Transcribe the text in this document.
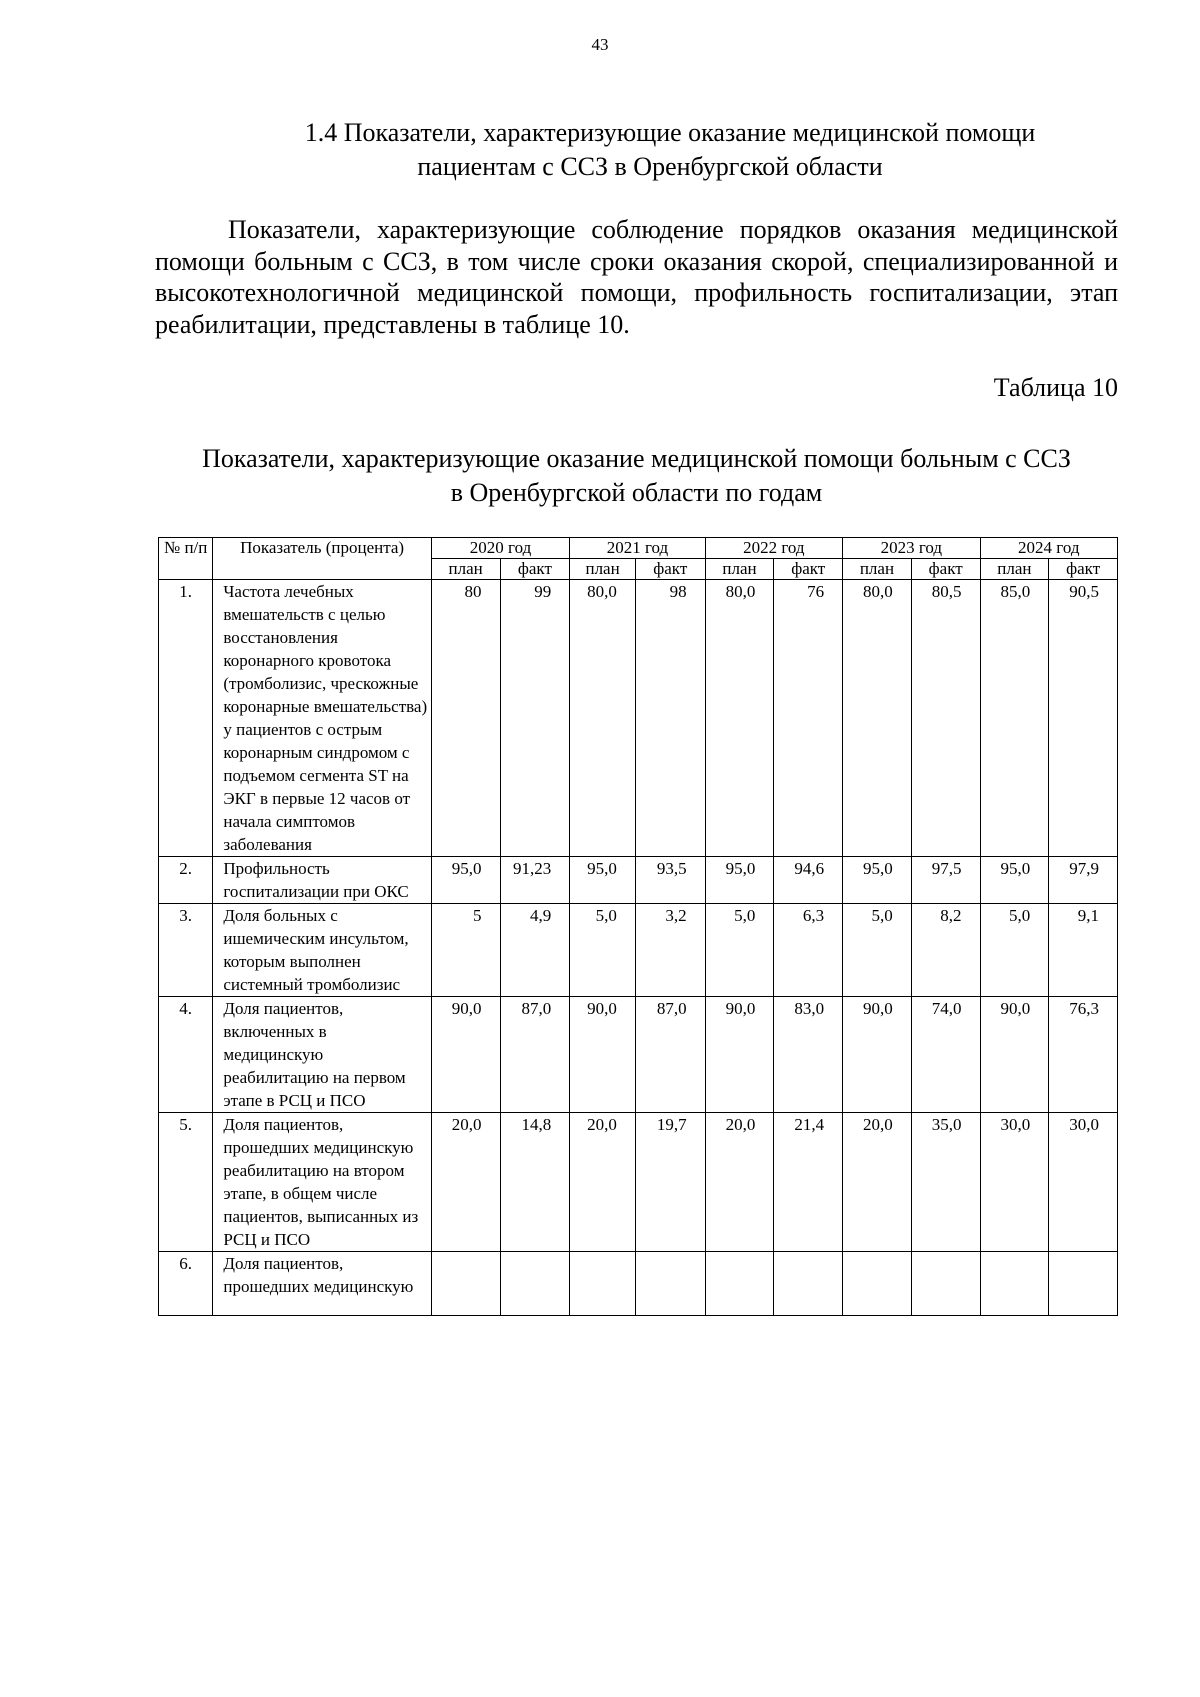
43
1.4 Показатели, характеризующие оказание медицинской помощи
пациентам с ССЗ в Оренбургской области
Показатели, характеризующие соблюдение порядков оказания медицинской помощи больным с ССЗ, в том числе сроки оказания скорой, специализированной и высокотехнологичной медицинской помощи, профильность госпитализации, этап реабилитации, представлены в таблице 10.
Таблица 10
Показатели, характеризующие оказание медицинской помощи больным с ССЗ
в Оренбургской области по годам
№ п/п	Показатель (процента)	2020 год		2021 год		2022 год		2023 год		2024 год	
		план	факт	план	факт	план	факт	план	факт	план	факт
1.	Частота лечебных вмешательств с целью восстановления коронарного кровотока (тромболизис, чрескожные коронарные вмешательства) у пациентов с острым коронарным синдромом с подъемом сегмента ST на ЭКГ в первые 12 часов от начала симптомов заболевания	80	99	80,0	98	80,0	76	80,0	80,5	85,0	90,5
2.	Профильность госпитализации при ОКС	95,0	91,23	95,0	93,5	95,0	94,6	95,0	97,5	95,0	97,9
3.	Доля больных с ишемическим инсультом, которым выполнен системный тромболизис	5	4,9	5,0	3,2	5,0	6,3	5,0	8,2	5,0	9,1
4.	Доля пациентов, включенных в медицинскую реабилитацию на первом этапе в РСЦ и ПСО	90,0	87,0	90,0	87,0	90,0	83,0	90,0	74,0	90,0	76,3
5.	Доля пациентов, прошедших медицинскую реабилитацию на втором этапе, в общем числе пациентов, выписанных из РСЦ и ПСО	20,0	14,8	20,0	19,7	20,0	21,4	20,0	35,0	30,0	30,0
6.	Доля пациентов, прошедших медицинскую										
